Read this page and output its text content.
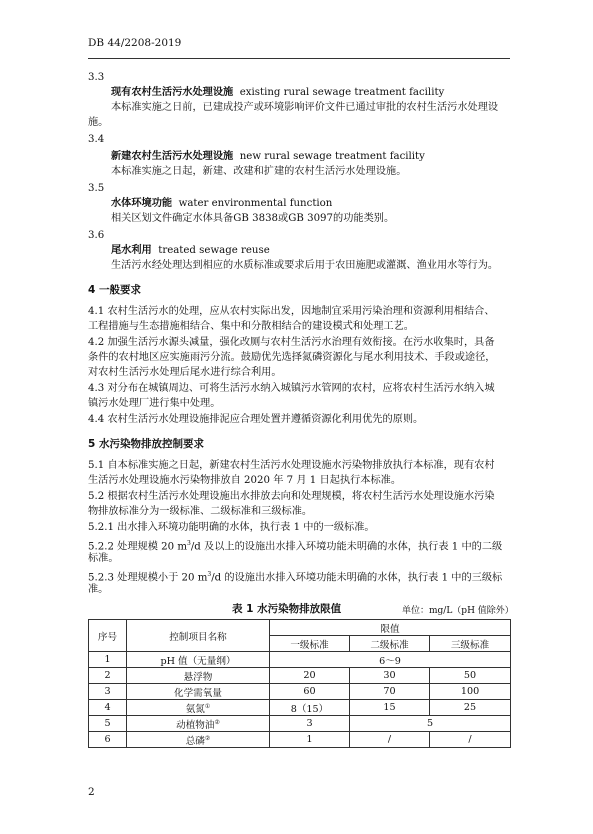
DB 44/2208-2019
3.3
现有农村生活污水处理设施 existing rural sewage treatment facility
本标准实施之日前，已建成投产或环境影响评价文件已通过审批的农村生活污水处理设
施。
3.4
新建农村生活污水处理设施 new rural sewage treatment facility
本标准实施之日起，新建、改建和扩建的农村生活污水处理设施。
3.5
水体环境功能 water environmental function
相关区划文件确定水体具备GB 3838或GB 3097的功能类别。
3.6
尾水利用 treated sewage reuse
生活污水经处理达到相应的水质标准或要求后用于农田施肥或灌溉、渔业用水等行为。
4 一般要求
4.1 农村生活污水的处理，应从农村实际出发，因地制宜采用污染治理和资源利用相结合、
工程措施与生态措施相结合、集中和分散相结合的建设模式和处理工艺。
4.2 加强生活污水源头减量，强化改厕与农村生活污水治理有效衔接。在污水收集时，具备
条件的农村地区应实施雨污分流。鼓励优先选择氮磷资源化与尾水利用技术、手段或途径，
对农村生活污水处理后尾水进行综合利用。
4.3 对分布在城镇周边、可将生活污水纳入城镇污水管网的农村，应将农村生活污水纳入城
镇污水处理厂进行集中处理。
4.4 农村生活污水处理设施排泥应合理处置并遵循资源化利用优先的原则。
5 水污染物排放控制要求
5.1 自本标准实施之日起，新建农村生活污水处理设施水污染物排放执行本标准，现有农村
生活污水处理设施水污染物排放自 2020 年 7 月 1 日起执行本标准。
5.2 根据农村生活污水处理设施出水排放去向和处理规模，将农村生活污水处理设施水污染
物排放标准分为一级标准、二级标准和三级标准。
5.2.1 出水排入环境功能明确的水体，执行表 1 中的一级标准。
5.2.2 处理规模 20 $m^3/d$ 及以上的设施出水排入环境功能未明确的水体，执行表 1 中的二级
标准。
5.2.3 处理规模小于 20 $m^3/d$ 的设施出水排入环境功能未明确的水体，执行表 1 中的三级标
准。
表 1 水污染物排放限值	单位：mg/L（pH 值除外）
序号	控制项目名称	限值		
		一级标准	二级标准	三级标准
1	pH 值（无量纲）	6～9		
2	悬浮物	20	30	50
3	化学需氧量	60	70	100
4	氨氮①	8（15）	15	25
5	动植物油②	3	5	
6	总磷②	1	/	/
2
